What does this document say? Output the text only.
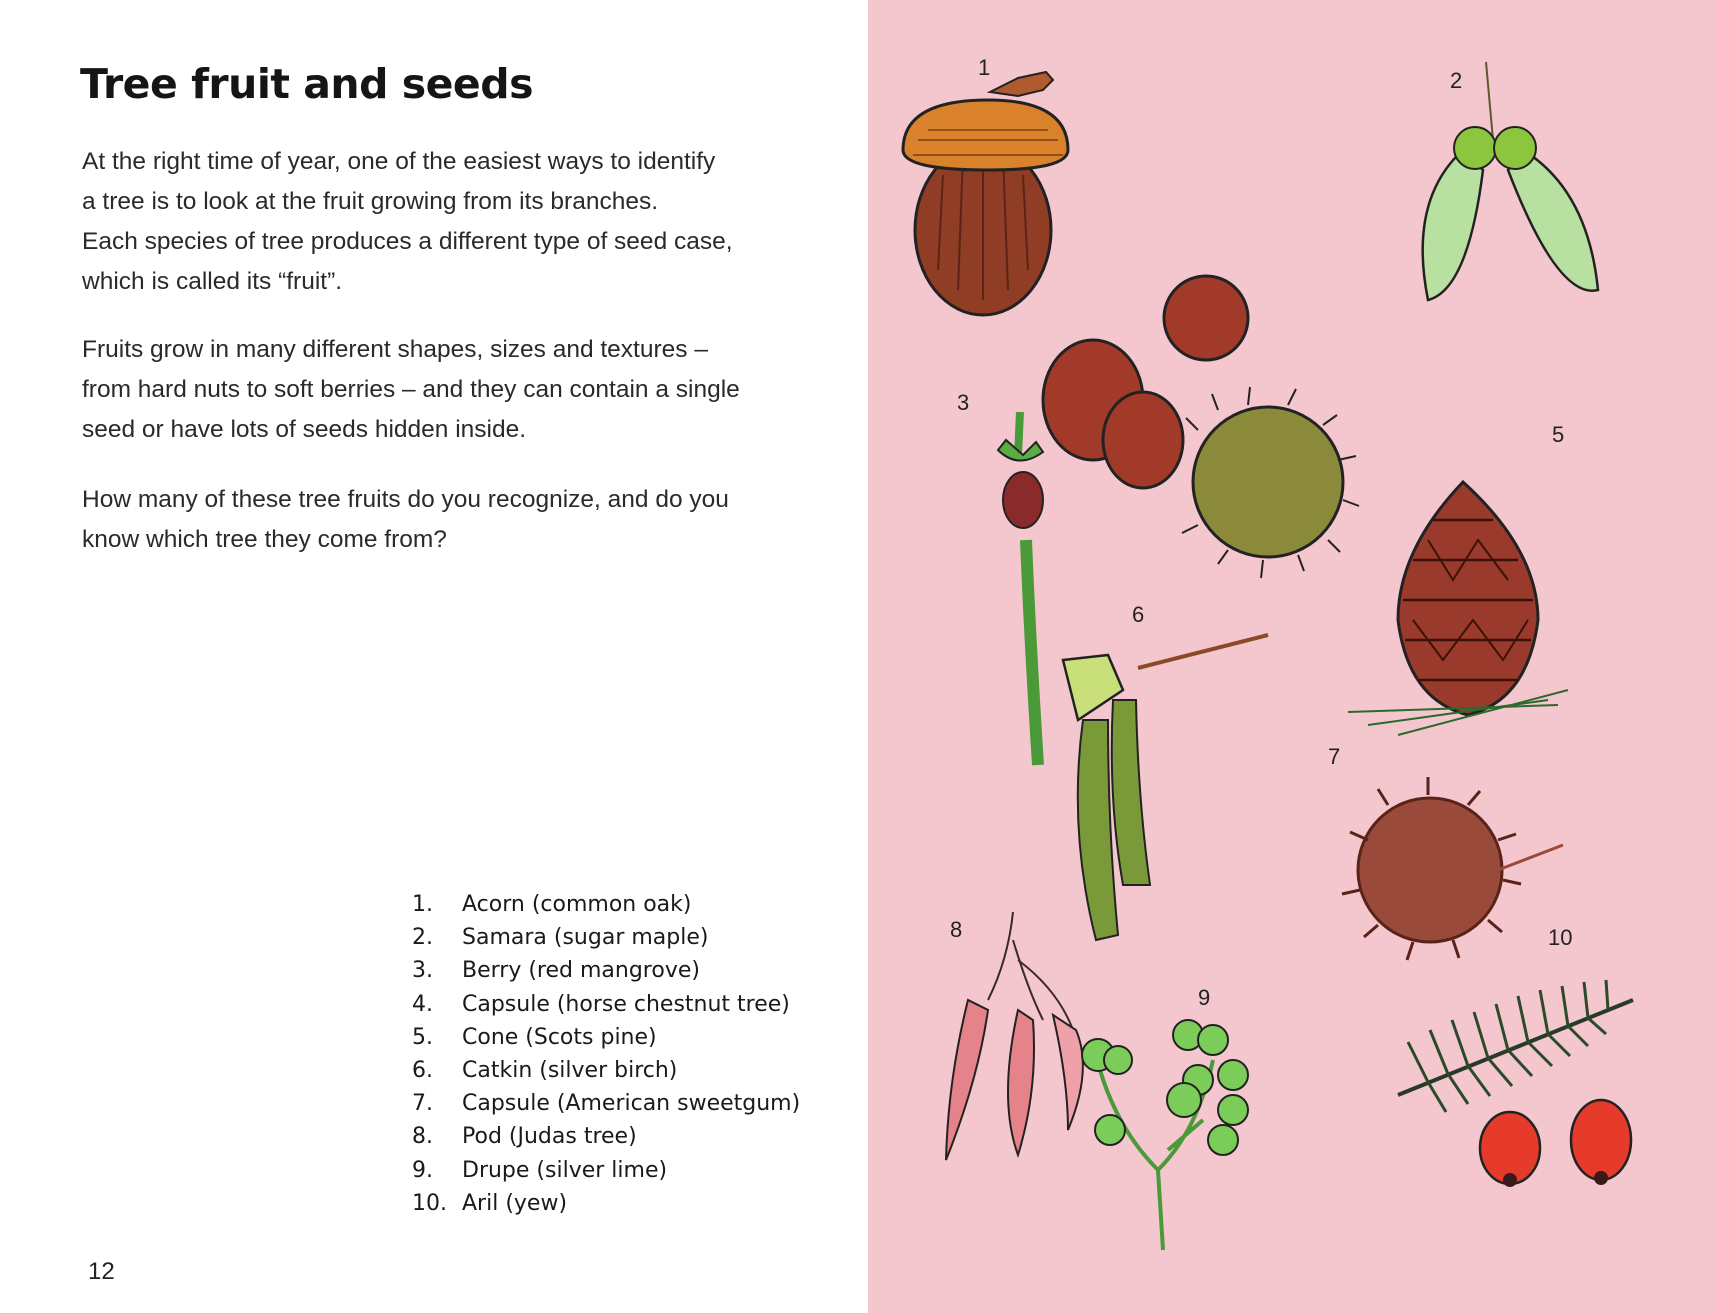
Tree fruit and seeds
At the right time of year, one of the easiest ways to identify
a tree is to look at the fruit growing from its branches.
Each species of tree produces a different type of seed case,
which is called its “fruit”.
Fruits grow in many different shapes, sizes and textures –
from hard nuts to soft berries – and they can contain a single
seed or have lots of seeds hidden inside.
How many of these tree fruits do you recognize, and do you
know which tree they come from?
1. Acorn (common oak)
2. Samara (sugar maple)
3. Berry (red mangrove)
4. Capsule (horse chestnut tree)
5. Cone (Scots pine)
6. Catkin (silver birch)
7. Capsule (American sweetgum)
8. Pod (Judas tree)
9. Drupe (silver lime)
10. Aril (yew)
12
1
2
3
5
6
7
8
9
10
